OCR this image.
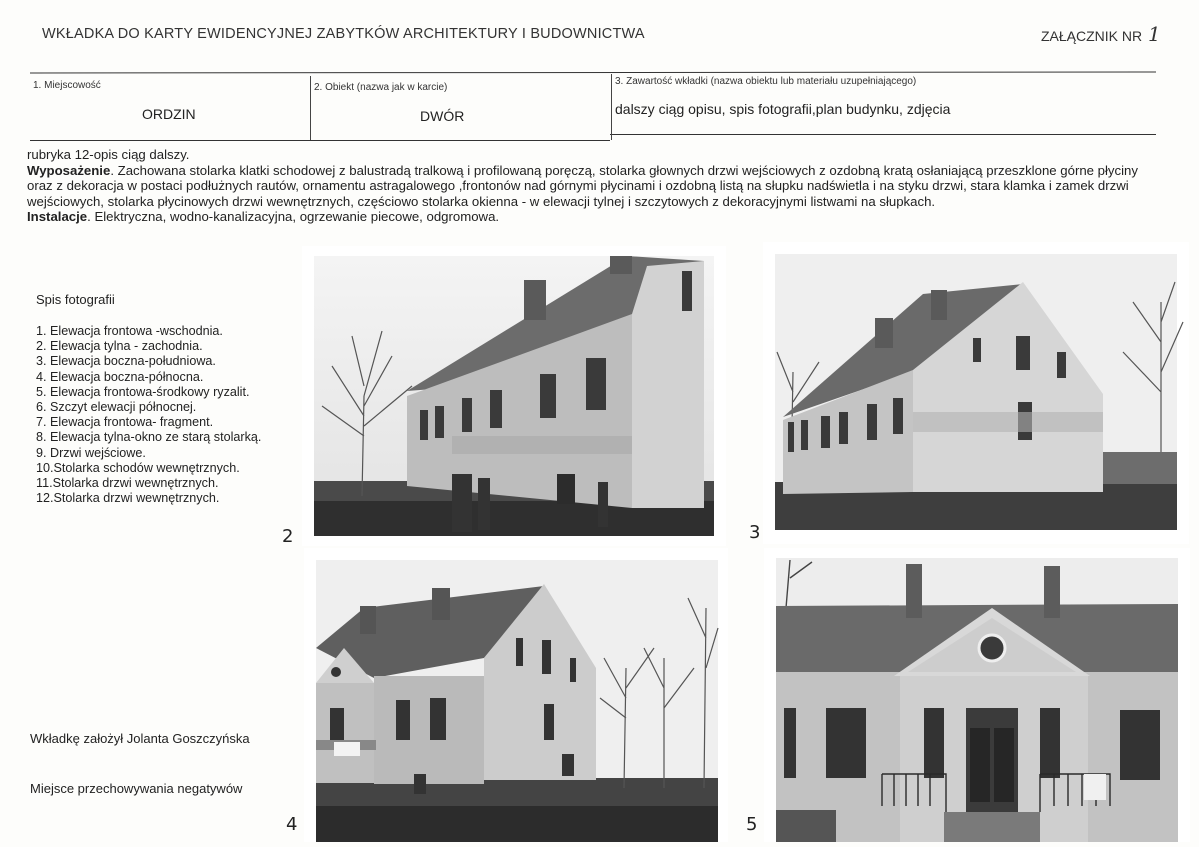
WKŁADKA DO KARTY EWIDENCYJNEJ ZABYTKÓW ARCHITEKTURY I BUDOWNICTWA	ZAŁĄCZNIK NR 1
1. Miejscowość
ORDZIN
2. Obiekt (nazwa jak w karcie)
DWÓR
3. Zawartość wkładki (nazwa obiektu lub materiału uzupełniającego)
dalszy ciąg opisu, spis fotografii,plan budynku, zdjęcia

rubryka 12-opis ciąg dalszy.

Wyposażenie. Zachowana stolarka klatki schodowej z balustradą tralkową i profilowaną poręczą, stolarka głownych drzwi wejściowych z ozdobną kratą osłaniającą przeszklone górne płyciny oraz z dekoracja w postaci podłużnych rautów, ornamentu astragalowego ,frontonów nad górnymi płycinami i ozdobną listą na słupku nadświetla i na styku drzwi, stara klamka i zamek drzwi wejściowych, stolarka płycinowych drzwi wewnętrznych, częściowo stolarka okienna - w elewacji tylnej i szczytowych z dekoracyjnymi listwami na słupkach.

Instalacje. Elektryczna, wodno-kanalizacyjna, ogrzewanie piecowe, odgromowa.

Spis fotografii
1. Elewacja frontowa -wschodnia.
2. Elewacja tylna - zachodnia.
3. Elewacja boczna-południowa.
4. Elewacja boczna-północna.
5. Elewacja frontowa-środkowy ryzalit.
6. Szczyt elewacji północnej.
7. Elewacja frontowa- fragment.
8. Elewacja tylna-okno ze starą stolarką.
9. Drzwi wejściowe.
10.Stolarka schodów wewnętrznych.
11.Stolarka drzwi wewnętrznych.
12.Stolarka drzwi wewnętrznych.
Wkładkę założył Jolanta Goszczyńska
Miejsce przechowywania negatywów
2	3
4	5
